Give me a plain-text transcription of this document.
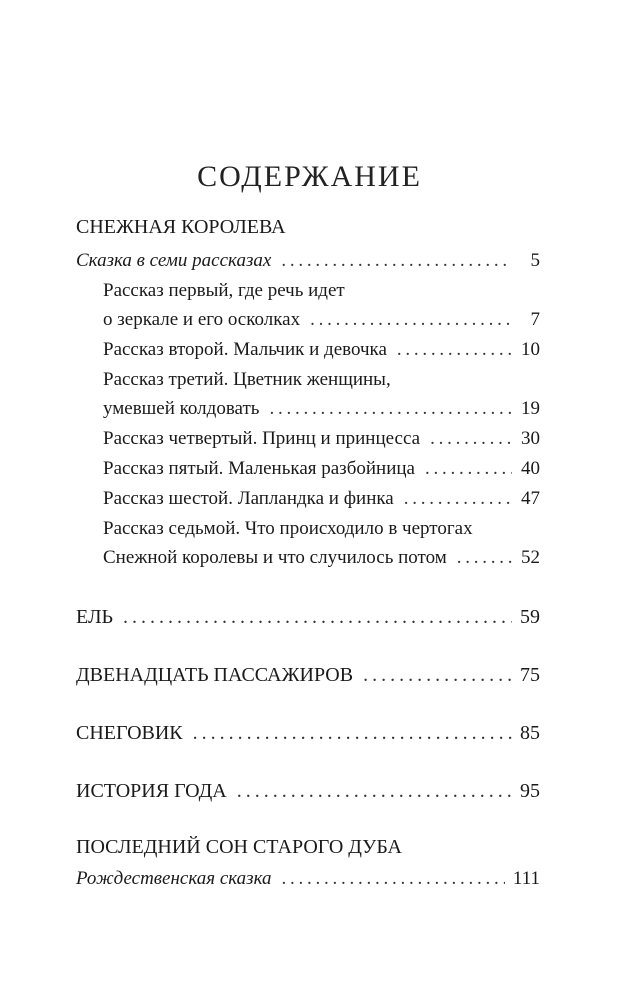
СОДЕРЖАНИЕ
СНЕЖНАЯ КОРОЛЕВА
Сказка в семи рассказах . . .	5
Рассказ первый, где речь идет
о зеркале и его осколках . . .	7
Рассказ второй. Мальчик и девочка . . .	10
Рассказ третий. Цветник женщины,
умевшей колдовать . . .	19
Рассказ четвертый. Принц и принцесса . . .	30
Рассказ пятый. Маленькая разбойница . . .	40
Рассказ шестой. Лапландка и финка . . .	47
Рассказ седьмой. Что происходило в чертогах
Снежной королевы и что случилось потом . . .	52
ЕЛЬ . . .	59
ДВЕНАДЦАТЬ ПАССАЖИРОВ . . .	75
СНЕГОВИК . . .	85
ИСТОРИЯ ГОДА . . .	95
ПОСЛЕДНИЙ СОН СТАРОГО ДУБА
Рождественская сказка . . .	111
